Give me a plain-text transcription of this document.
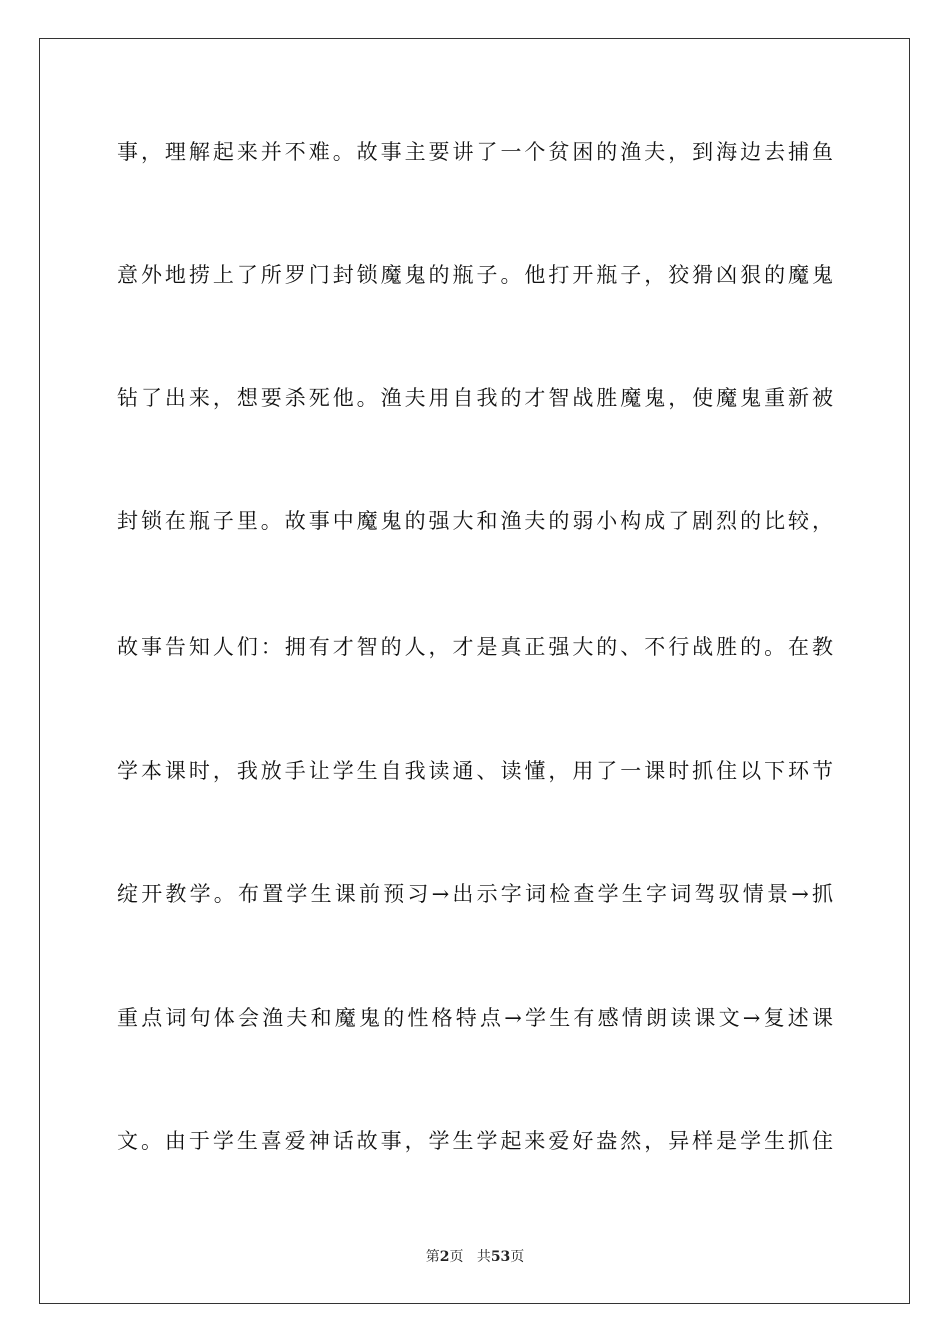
事，理解起来并不难。故事主要讲了一个贫困的渔夫，到海边去捕鱼
意外地捞上了所罗门封锁魔鬼的瓶子。他打开瓶子，狡猾凶狠的魔鬼
钻了出来，想要杀死他。渔夫用自我的才智战胜魔鬼，使魔鬼重新被
封锁在瓶子里。故事中魔鬼的强大和渔夫的弱小构成了剧烈的比较，
故事告知人们：拥有才智的人，才是真正强大的、不行战胜的。在教
学本课时，我放手让学生自我读通、读懂，用了一课时抓住以下环节
绽开教学。布置学生课前预习→出示字词检查学生字词驾驭情景→抓
重点词句体会渔夫和魔鬼的性格特点→学生有感情朗读课文→复述课
文。由于学生喜爱神话故事，学生学起来爱好盎然，异样是学生抓住
第2页 共53页
